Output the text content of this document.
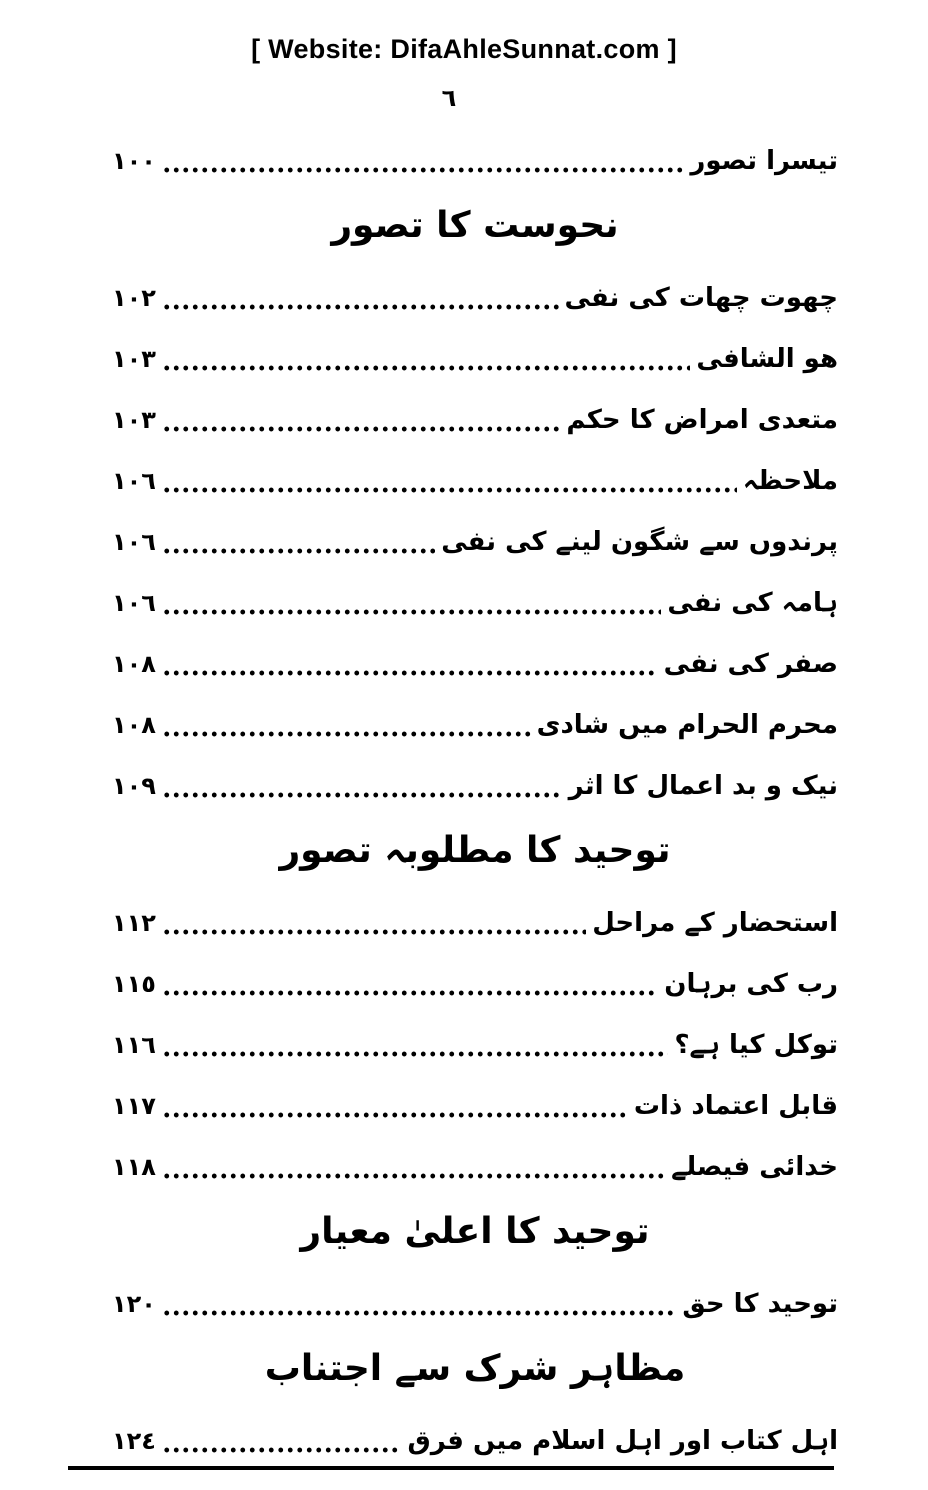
[ Website: DifaAhleSunnat.com ]
٦
تیسرا تصور
١٠٠
نحوست کا تصور
چھوت چھات کی نفی
١٠٢
ھو الشافی
١٠٣
متعدی امراض کا حکم
١٠٣
ملاحظہ
١٠٦
پرندوں سے شگون لینے کی نفی
١٠٦
ہامہ کی نفی
١٠٦
صفر کی نفی
١٠٨
محرم الحرام میں شادی
١٠٨
نیک و بد اعمال کا اثر
١٠٩
توحید کا مطلوبہ تصور
استحضار کے مراحل
١١٢
رب کی برہان
١١٥
توکل کیا ہے؟
١١٦
قابل اعتماد ذات
١١٧
خدائی فیصلے
١١٨
توحید کا اعلیٰ معیار
توحید کا حق
١٢٠
مظاہر شرک سے اجتناب
اہل کتاب اور اہل اسلام میں فرق
١٢٤
